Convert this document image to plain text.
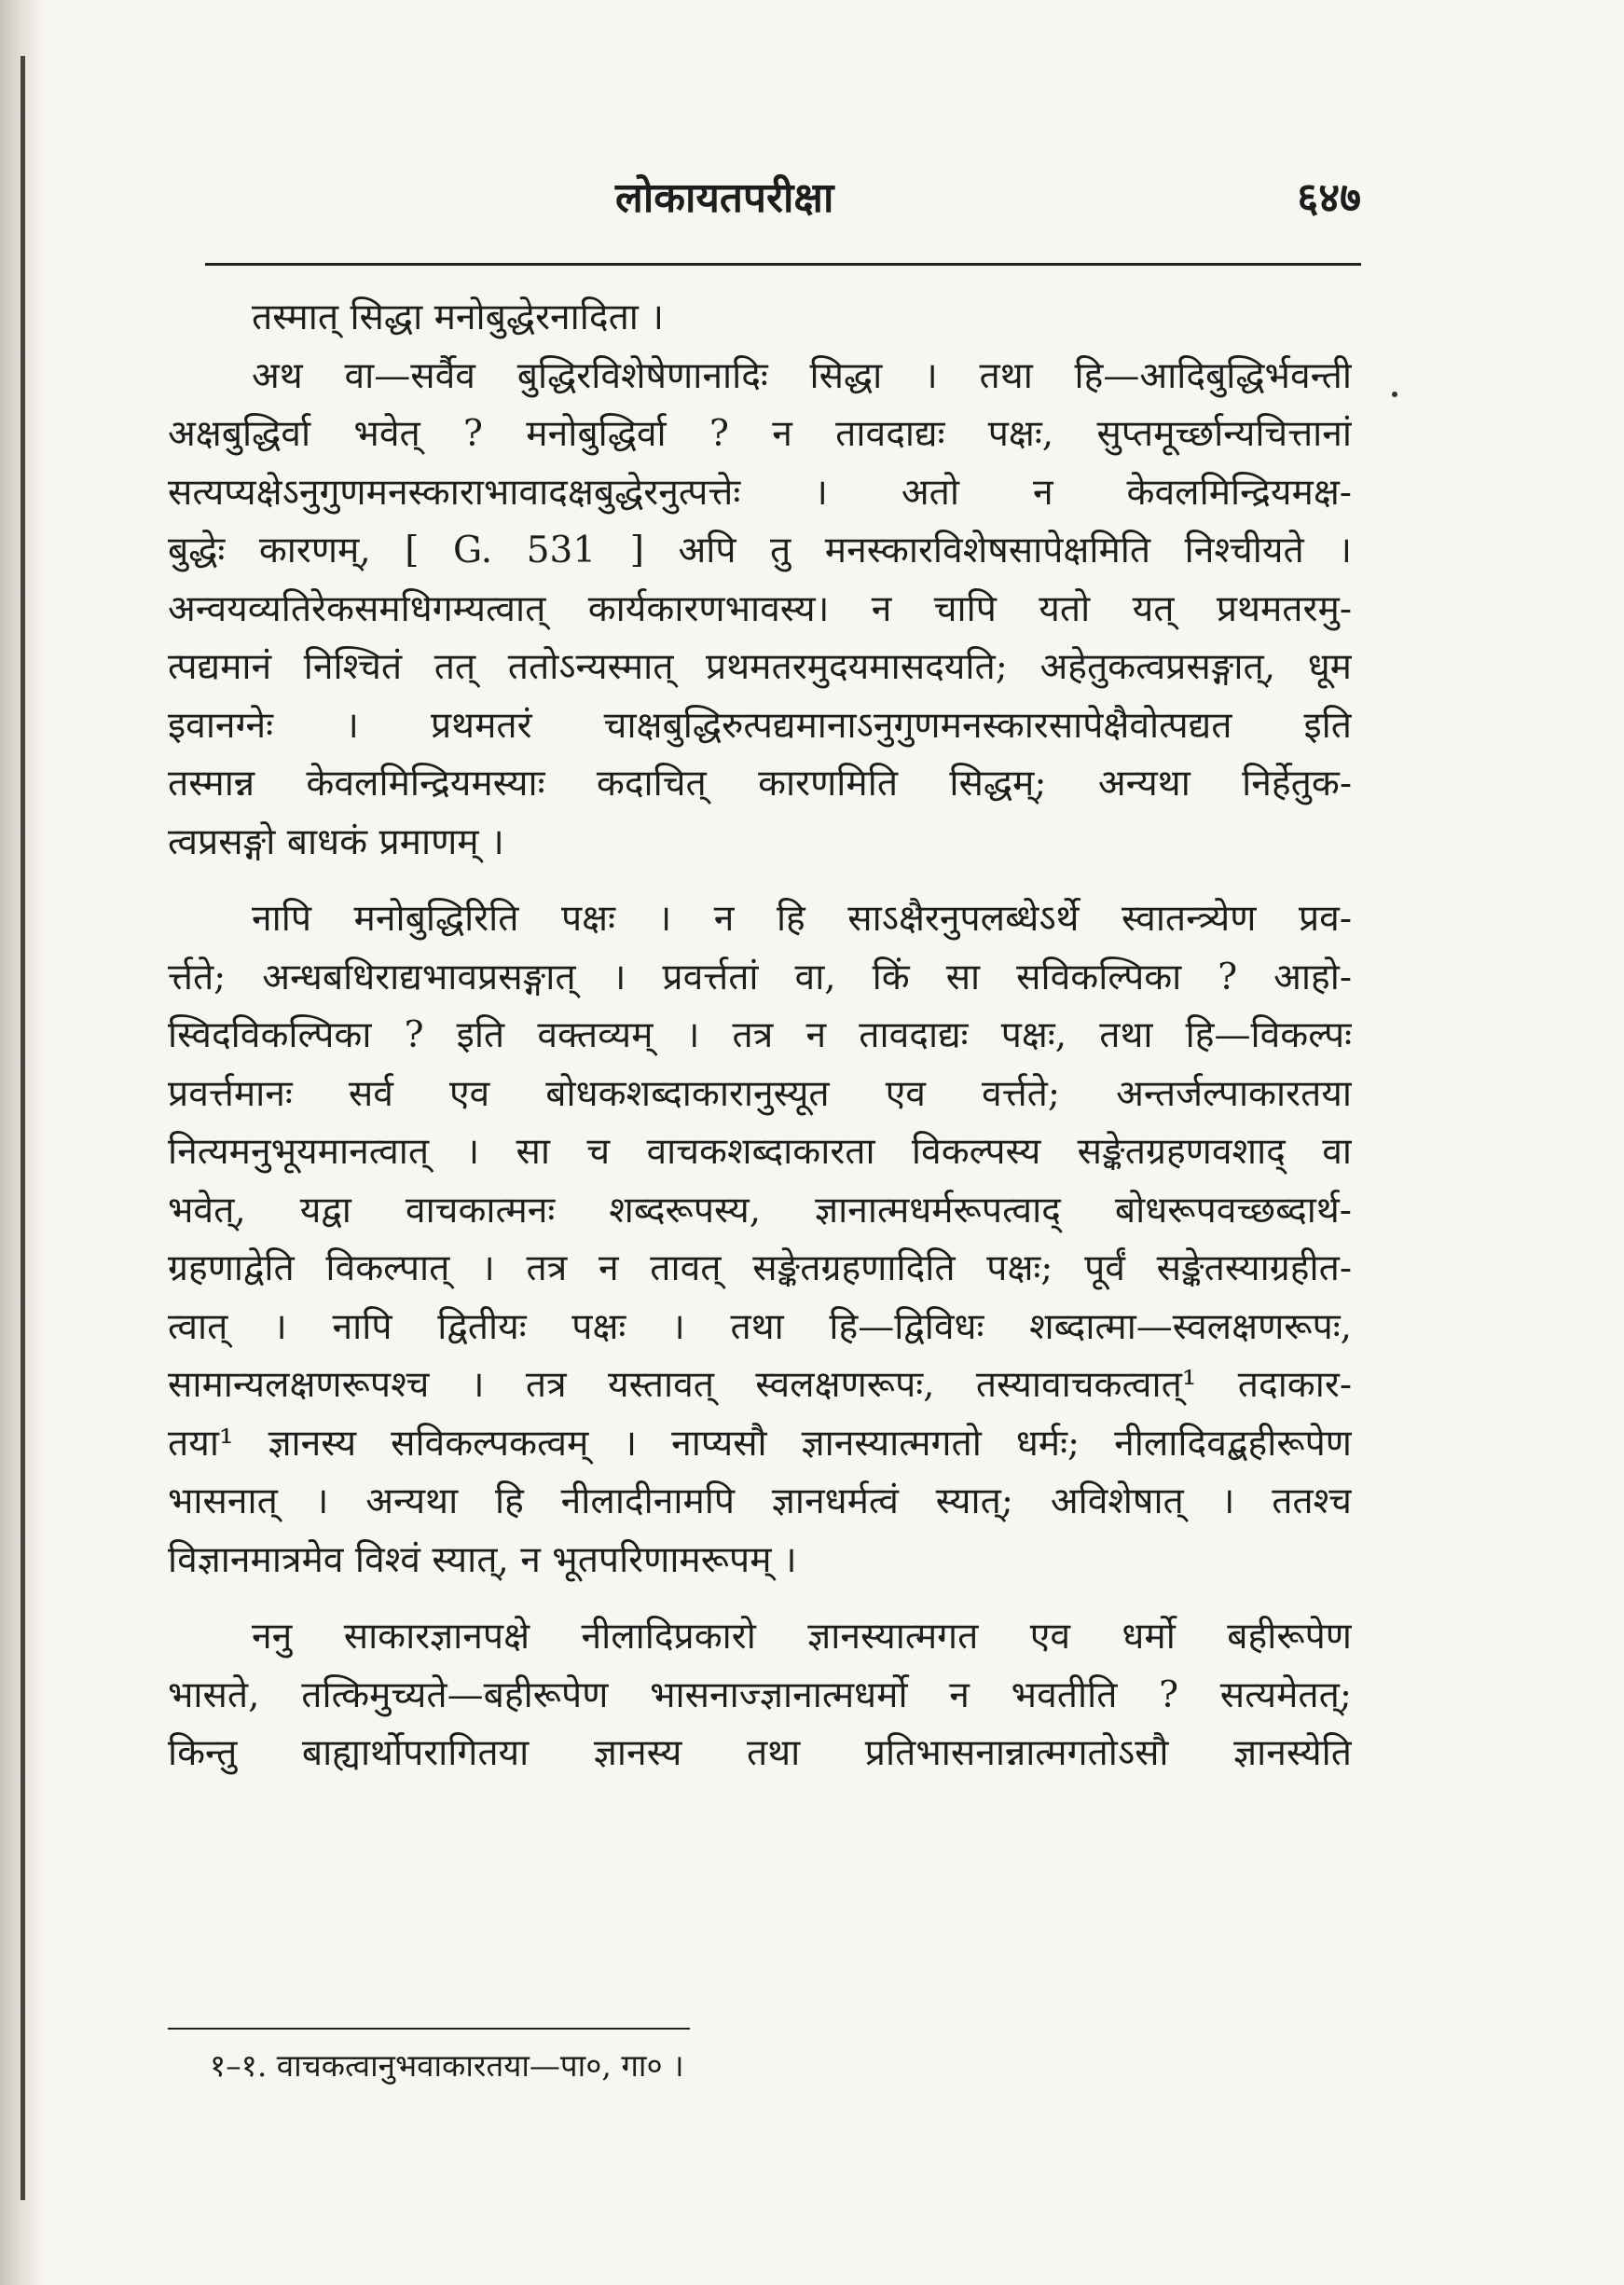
लोकायतपरीक्षा	६४७
तस्मात् सिद्धा मनोबुद्धेरनादिता ।
अथ वा—सर्वैव बुद्धिरविशेषेणानादिः सिद्धा । तथा हि—आदिबुद्धिर्भवन्ती
अक्षबुद्धिर्वा भवेत् ? मनोबुद्धिर्वा ? न तावदाद्यः पक्षः, सुप्तमूर्च्छान्यचित्तानां
सत्यप्यक्षेऽनुगुणमनस्काराभावादक्षबुद्धेरनुत्पत्तेः । अतो न केवलमिन्द्रियमक्ष-
बुद्धेः कारणम्, [ G. 531 ] अपि तु मनस्कारविशेषसापेक्षमिति निश्चीयते ।
अन्वयव्यतिरेकसमधिगम्यत्वात् कार्यकारणभावस्य। न चापि यतो यत् प्रथमतरमु-
त्पद्यमानं निश्चितं तत् ततोऽन्यस्मात् प्रथमतरमुदयमासदयति; अहेतुकत्वप्रसङ्गात्, धूम
इवानग्नेः । प्रथमतरं चाक्षबुद्धिरुत्पद्यमानाऽनुगुणमनस्कारसापेक्षैवोत्पद्यत इति
तस्मान्न केवलमिन्द्रियमस्याः कदाचित् कारणमिति सिद्धम्; अन्यथा निर्हेतुक-
त्वप्रसङ्गो बाधकं प्रमाणम् ।
नापि मनोबुद्धिरिति पक्षः । न हि साऽक्षैरनुपलब्धेऽर्थे स्वातन्त्र्येण प्रव-
र्त्तते; अन्धबधिराद्यभावप्रसङ्गात् । प्रवर्त्ततां वा, किं सा सविकल्पिका ? आहो-
स्विदविकल्पिका ? इति वक्तव्यम् । तत्र न तावदाद्यः पक्षः, तथा हि—विकल्पः
प्रवर्त्तमानः सर्व एव बोधकशब्दाकारानुस्यूत एव वर्त्तते; अन्तर्जल्पाकारतया
नित्यमनुभूयमानत्वात् । सा च वाचकशब्दाकारता विकल्पस्य सङ्केतग्रहणवशाद् वा
भवेत्, यद्वा वाचकात्मनः शब्दरूपस्य, ज्ञानात्मधर्मरूपत्वाद् बोधरूपवच्छब्दार्थ-
ग्रहणाद्वेति विकल्पात् । तत्र न तावत् सङ्केतग्रहणादिति पक्षः; पूर्वं सङ्केतस्याग्रहीत-
त्वात् । नापि द्वितीयः पक्षः । तथा हि—द्विविधः शब्दात्मा—स्वलक्षणरूपः,
सामान्यलक्षणरूपश्च । तत्र यस्तावत् स्वलक्षणरूपः, तस्यावाचकत्वात्¹ तदाकार-
तया¹ ज्ञानस्य सविकल्पकत्वम् । नाप्यसौ ज्ञानस्यात्मगतो धर्मः; नीलादिवद्बहीरूपेण
भासनात् । अन्यथा हि नीलादीनामपि ज्ञानधर्मत्वं स्यात्; अविशेषात् । ततश्च
विज्ञानमात्रमेव विश्वं स्यात्, न भूतपरिणामरूपम् ।
ननु साकारज्ञानपक्षे नीलादिप्रकारो ज्ञानस्यात्मगत एव धर्मो बहीरूपेण
भासते, तत्किमुच्यते—बहीरूपेण भासनाज्ज्ञानात्मधर्मो न भवतीति ? सत्यमेतत्;
किन्तु बाह्यार्थोपरागितया ज्ञानस्य तथा प्रतिभासनान्नात्मगतोऽसौ ज्ञानस्येति
१–१. वाचकत्वानुभवाकारतया—पा०, गा० ।
